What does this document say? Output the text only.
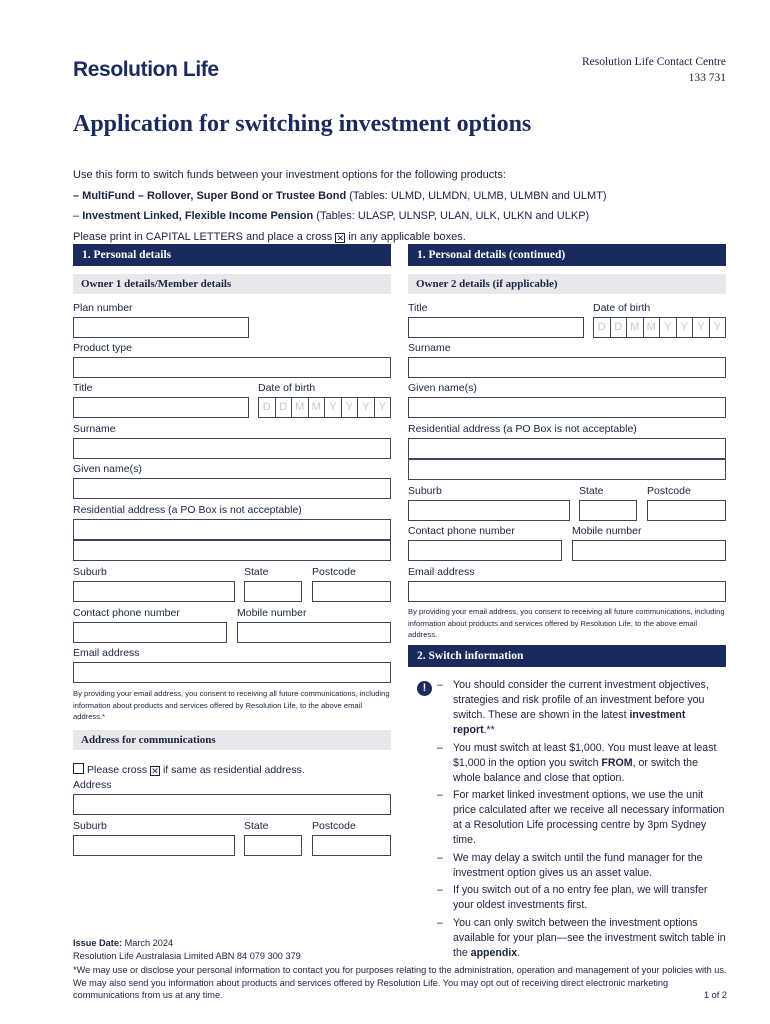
Resolution Life	Resolution Life Contact Centre
133 731
Application for switching investment options
Use this form to switch funds between your investment options for the following products:
– MultiFund – Rollover, Super Bond or Trustee Bond (Tables: ULMD, ULMDN, ULMB, ULMBN and ULMT)
– Investment Linked, Flexible Income Pension (Tables: ULASP, ULNSP, ULAN, ULK, ULKN and ULKP)
Please print in CAPITAL LETTERS and place a cross ✕ in any applicable boxes.
1. Personal details
Owner 1 details/Member details
Plan number
Product type
Title	Date of birth
D D M M Y Y Y Y
Surname
Given name(s)
Residential address (a PO Box is not acceptable)
Suburb	State	Postcode
Contact phone number	Mobile number
Email address
By providing your email address, you consent to receiving all future communications, including information about products and services offered by Resolution Life, to the above email address.*
Address for communications
Please cross ✕ if same as residential address.
Address
Suburb	State	Postcode
1. Personal details (continued)
Owner 2 details (if applicable)
Title	Date of birth
D D M M Y Y Y Y
Surname
Given name(s)
Residential address (a PO Box is not acceptable)
Suburb	State	Postcode
Contact phone number	Mobile number
Email address
By providing your email address, you consent to receiving all future communications, including information about products and services offered by Resolution Life, to the above email address.
2. Switch information
!	– You should consider the current investment objectives, strategies and risk profile of an investment before you switch. These are shown in the latest investment report.**
– You must switch at least $1,000. You must leave at least $1,000 in the option you switch FROM, or switch the whole balance and close that option.
– For market linked investment options, we use the unit price calculated after we receive all necessary information at a Resolution Life processing centre by 3pm Sydney time.
– We may delay a switch until the fund manager for the investment option gives us an asset value.
– If you switch out of a no entry fee plan, we will transfer your oldest investments first.
– You can only switch between the investment options available for your plan—see the investment switch table in the appendix.
Issue Date: March 2024
Resolution Life Australasia Limited ABN 84 079 300 379
*We may use or disclose your personal information to contact you for purposes relating to the administration, operation and management of your policies with us. We may also send you information about products and services offered by Resolution Life. You may opt out of receiving direct electronic marketing communications from us at any time.	1 of 2
